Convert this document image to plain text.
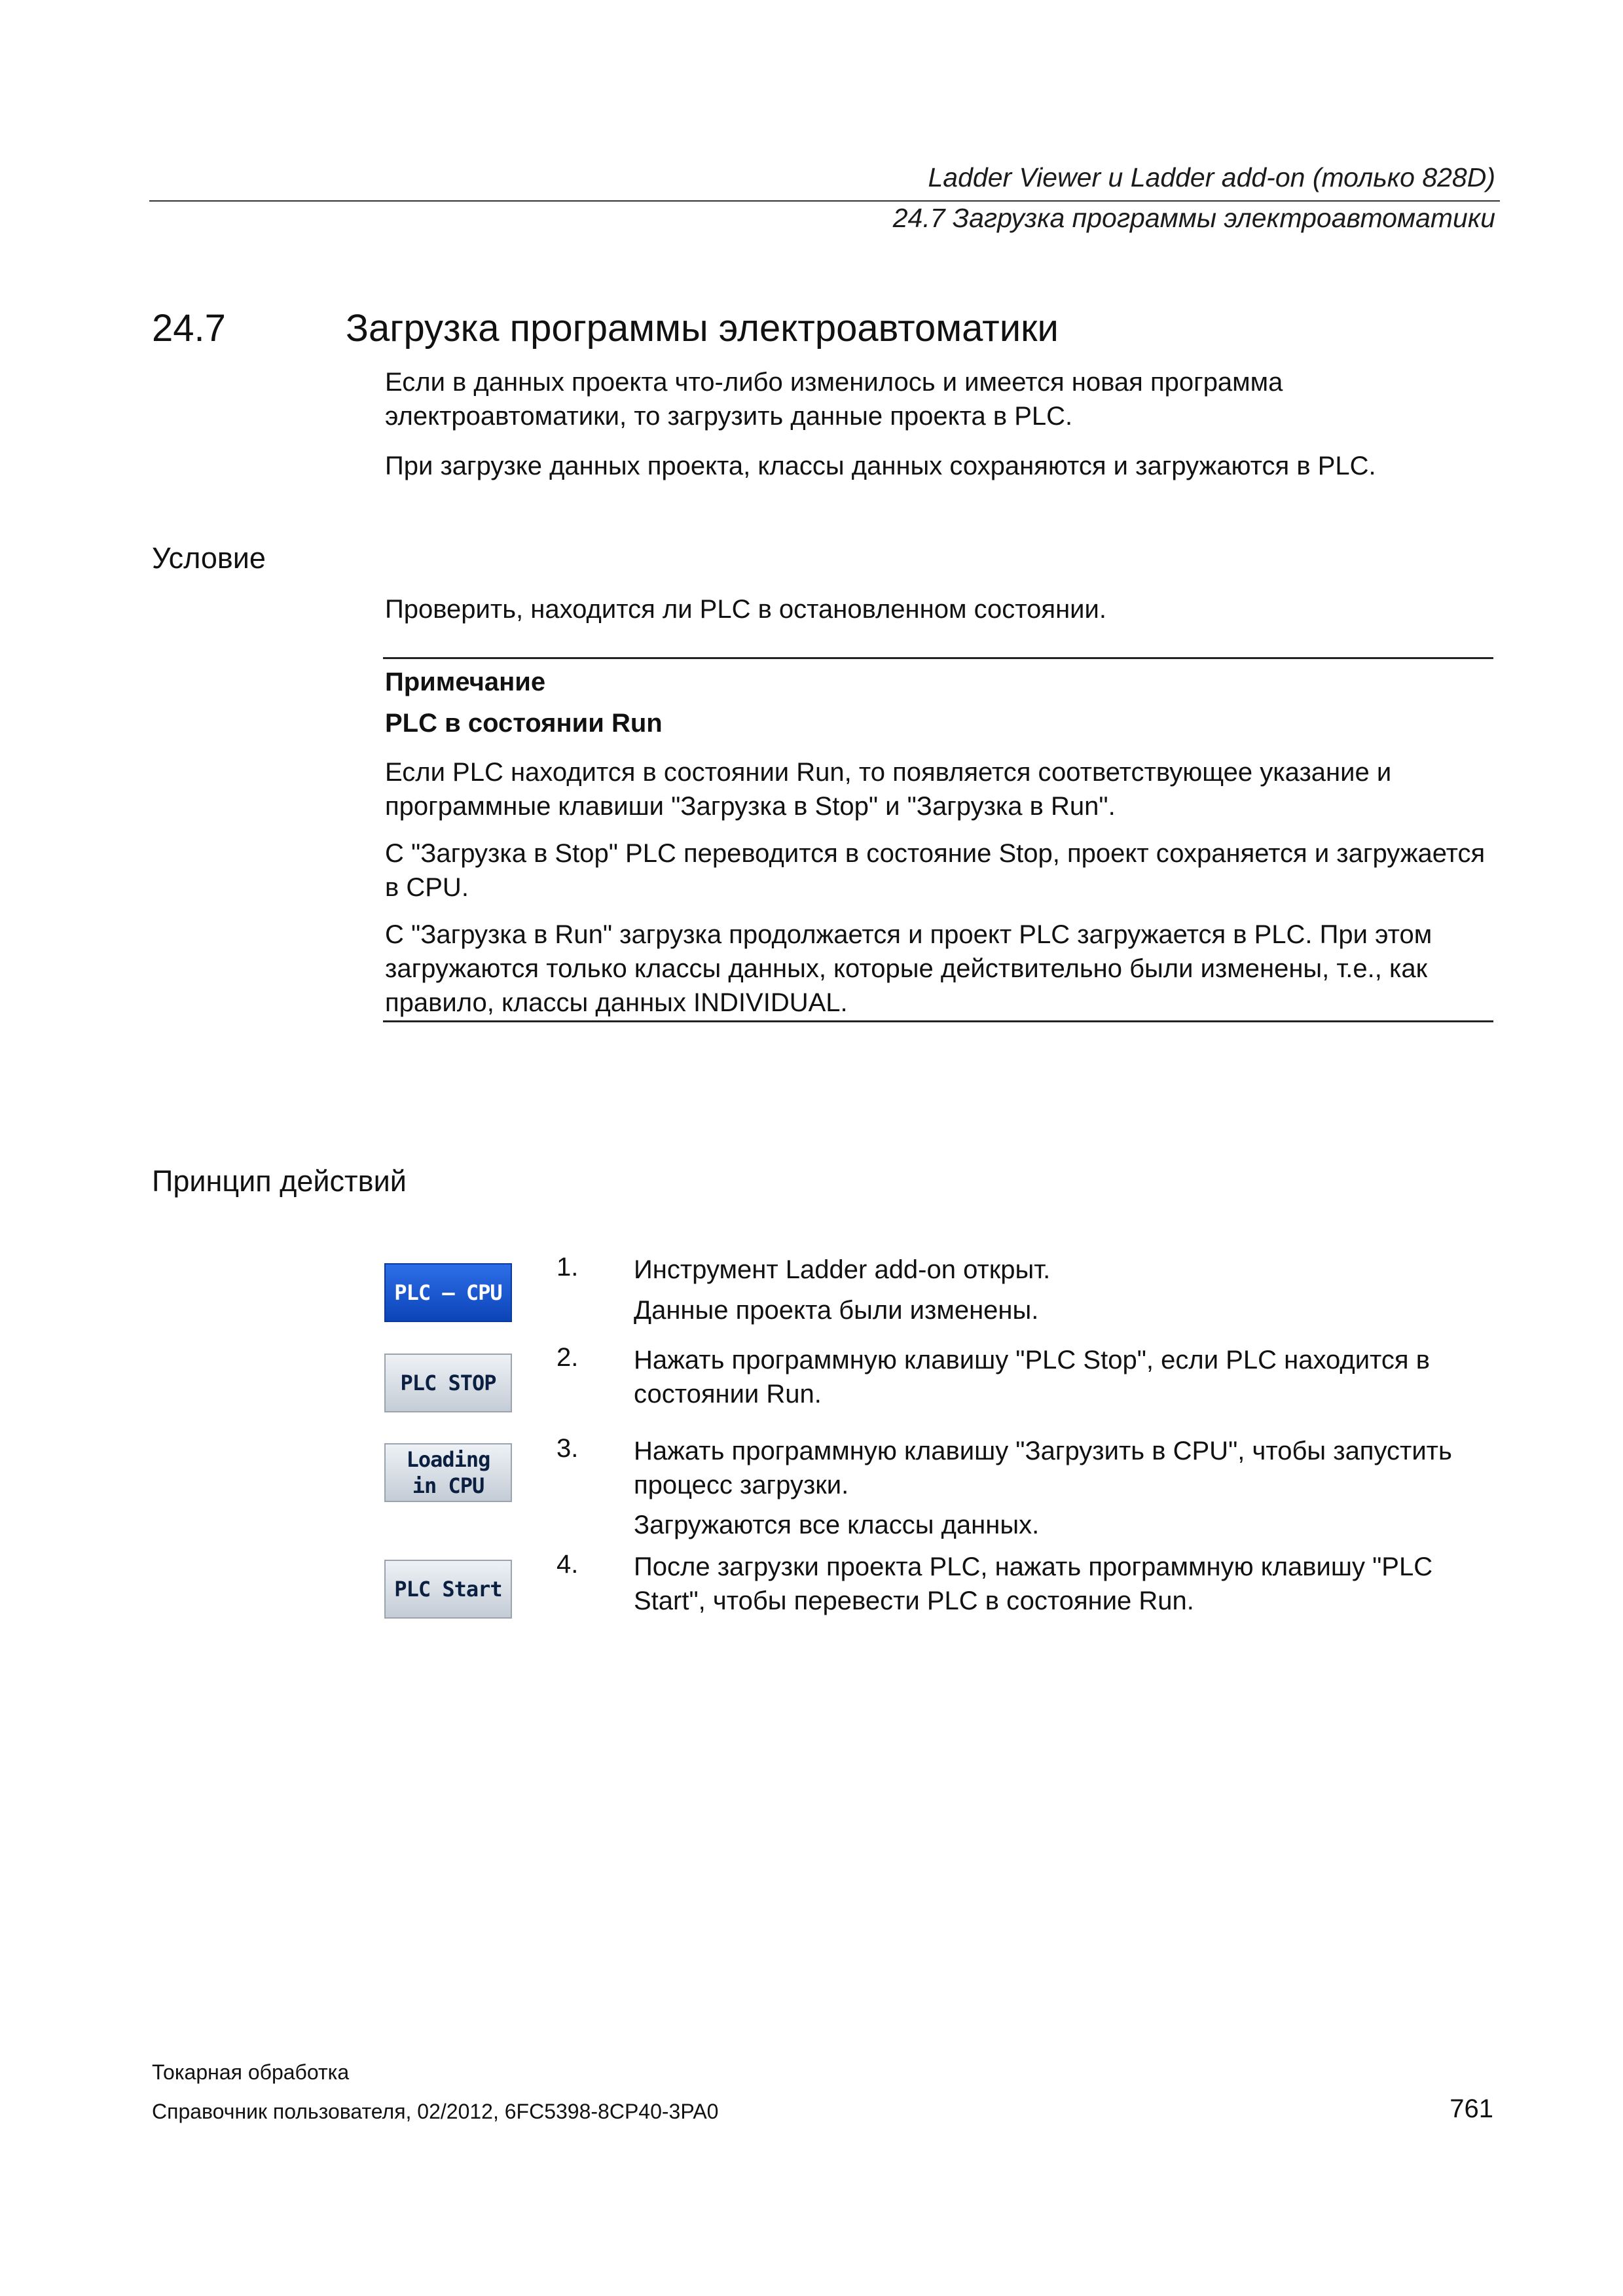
Ladder Viewer и Ladder add-on (только 828D)
24.7 Загрузка программы электроавтоматики
24.7	Загрузка программы электроавтоматики
Если в данных проекта что-либо изменилось и имеется новая программа электроавтоматики, то загрузить данные проекта в PLC.
При загрузке данных проекта, классы данных сохраняются и загружаются в PLC.
Условие
Проверить, находится ли PLC в остановленном состоянии.
Примечание
PLC в состоянии Run
Если PLC находится в состоянии Run, то появляется соответствующее указание и программные клавиши "Загрузка в Stop" и "Загрузка в Run".
С "Загрузка в Stop" PLC переводится в состояние Stop, проект сохраняется и загружается в CPU.
С "Загрузка в Run" загрузка продолжается и проект PLC загружается в PLC. При этом загружаются только классы данных, которые действительно были изменены, т.е., как правило, классы данных INDIVIDUAL.
Принцип действий
PLC – CPU
PLC STOP
Loading
in CPU
PLC Start
1. Инструмент Ladder add-on открыт.
Данные проекта были изменены.
2. Нажать программную клавишу "PLC Stop", если PLC находится в состоянии Run.
3. Нажать программную клавишу "Загрузить в CPU", чтобы запустить процесс загрузки.
Загружаются все классы данных.
4. После загрузки проекта PLC, нажать программную клавишу "PLC Start", чтобы перевести PLC в состояние Run.
Токарная обработка
Справочник пользователя, 02/2012, 6FC5398-8CP40-3PA0	761
